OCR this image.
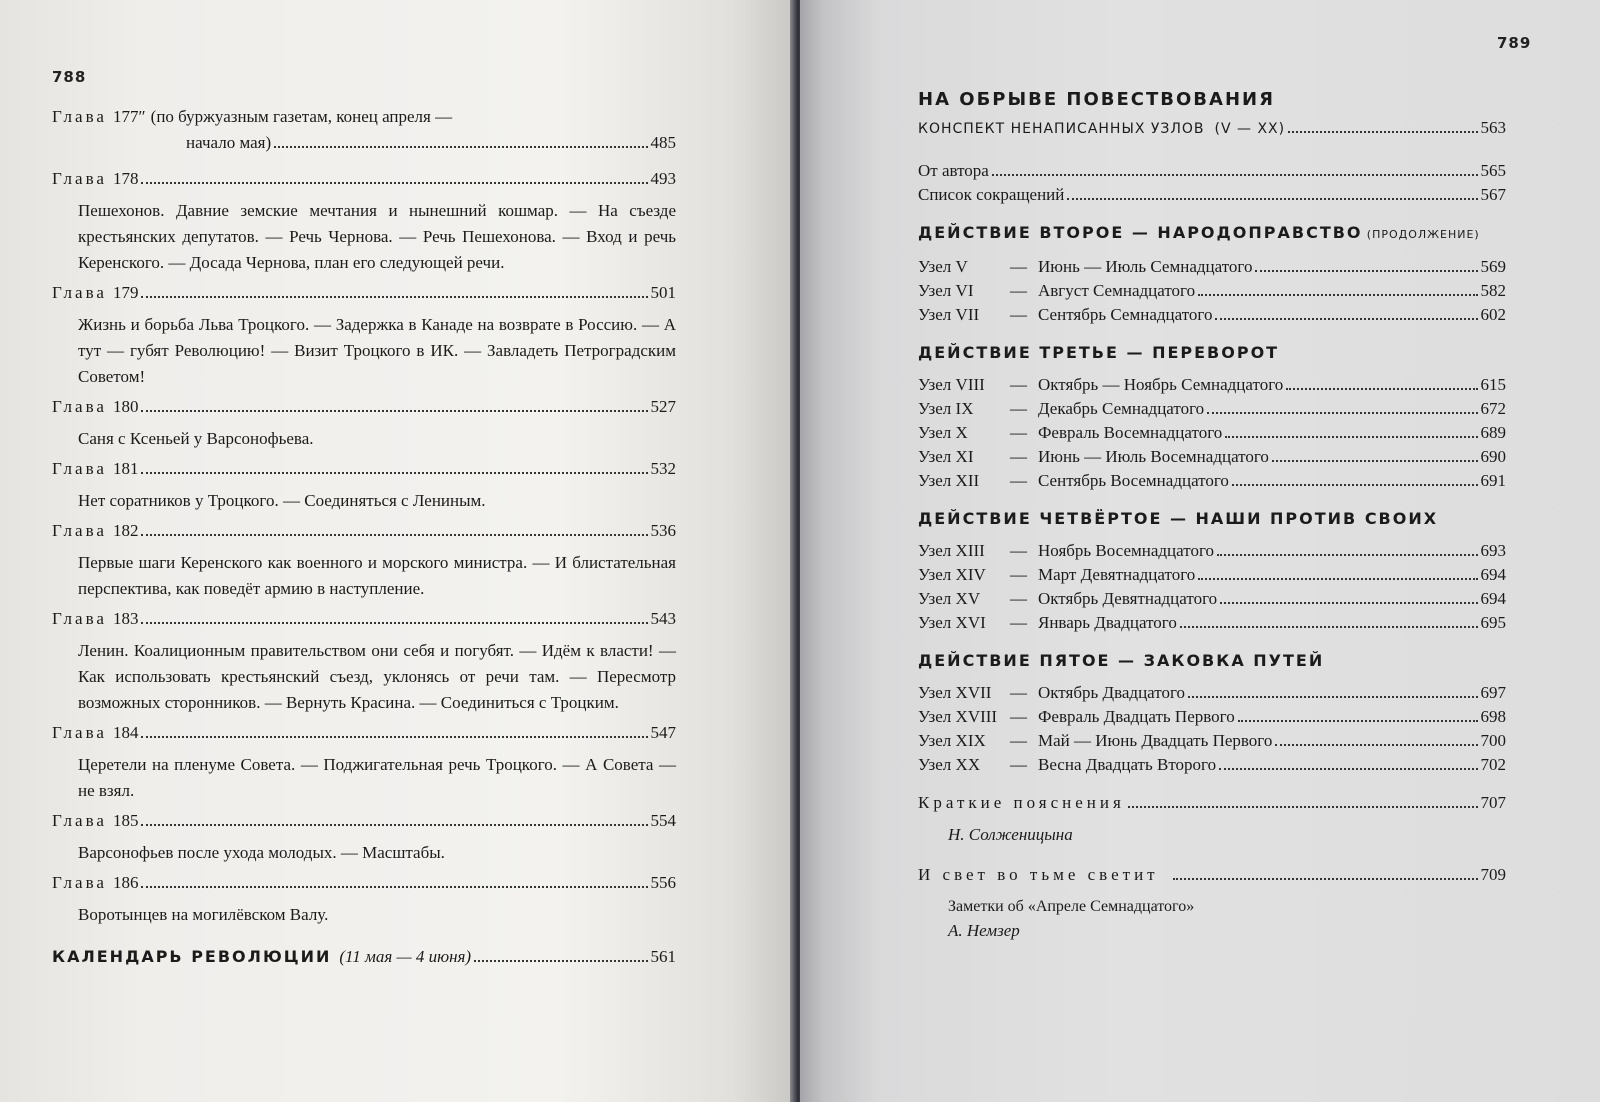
788
Глава 177ʺ (по буржуазным газетам, конец апреля —
начало мая)	485
Глава 178	493
Пешехонов. Давние земские мечтания и нынешний кошмар. — На съезде крестьянских депутатов. — Речь Чернова. — Речь Пешехонова. — Вход и речь Керенского. — Досада Чернова, план его следующей речи.
Глава 179	501
Жизнь и борьба Льва Троцкого. — Задержка в Канаде на возврате в Россию. — А тут — губят Революцию! — Визит Троцкого в ИК. — Завладеть Петроградским Советом!
Глава 180	527
Саня с Ксеньей у Варсонофьева.
Глава 181	532
Нет соратников у Троцкого. — Соединяться с Лениным.
Глава 182	536
Первые шаги Керенского как военного и морского министра. — И блистательная перспектива, как поведёт армию в наступление.
Глава 183	543
Ленин. Коалиционным правительством они себя и погубят. — Идём к власти! — Как использовать крестьянский съезд, уклонясь от речи там. — Пересмотр возможных сторонников. — Вернуть Красина. — Соединиться с Троцким.
Глава 184	547
Церетели на пленуме Совета. — Поджигательная речь Троцкого. — А Совета — не взял.
Глава 185	554
Варсонофьев после ухода молодых. — Масштабы.
Глава 186	556
Воротынцев на могилёвском Валу.
КАЛЕНДАРЬ РЕВОЛЮЦИИ (11 мая — 4 июня)	561
789
НА ОБРЫВЕ ПОВЕСТВОВАНИЯ
КОНСПЕКТ НЕНАПИСАННЫХ УЗЛОВ (V — XX)	563
От автора	565
Список сокращений	567
ДЕЙСТВИЕ ВТОРОЕ — НАРОДОПРАВСТВО (ПРОДОЛЖЕНИЕ)
Узел V	— Июнь — Июль Семнадцатого	569
Узел VI	— Август Семнадцатого	582
Узел VII	— Сентябрь Семнадцатого	602
ДЕЙСТВИЕ ТРЕТЬЕ — ПЕРЕВОРОТ
Узел VIII	— Октябрь — Ноябрь Семнадцатого	615
Узел IX	— Декабрь Семнадцатого	672
Узел X	— Февраль Восемнадцатого	689
Узел XI	— Июнь — Июль Восемнадцатого	690
Узел XII	— Сентябрь Восемнадцатого	691
ДЕЙСТВИЕ ЧЕТВЁРТОЕ — НАШИ ПРОТИВ СВОИХ
Узел XIII	— Ноябрь Восемнадцатого	693
Узел XIV	— Март Девятнадцатого	694
Узел XV	— Октябрь Девятнадцатого	694
Узел XVI	— Январь Двадцатого	695
ДЕЙСТВИЕ ПЯТОЕ — ЗАКОВКА ПУТЕЙ
Узел XVII	— Октябрь Двадцатого	697
Узел XVIII — Февраль Двадцать Первого	698
Узел XIX	— Май — Июнь Двадцать Первого	700
Узел XX	— Весна Двадцать Второго	702
Краткие пояснения	707
Н. Солженицына
И свет во тьме светит	709
Заметки об «Апреле Семнадцатого»
А. Немзер
